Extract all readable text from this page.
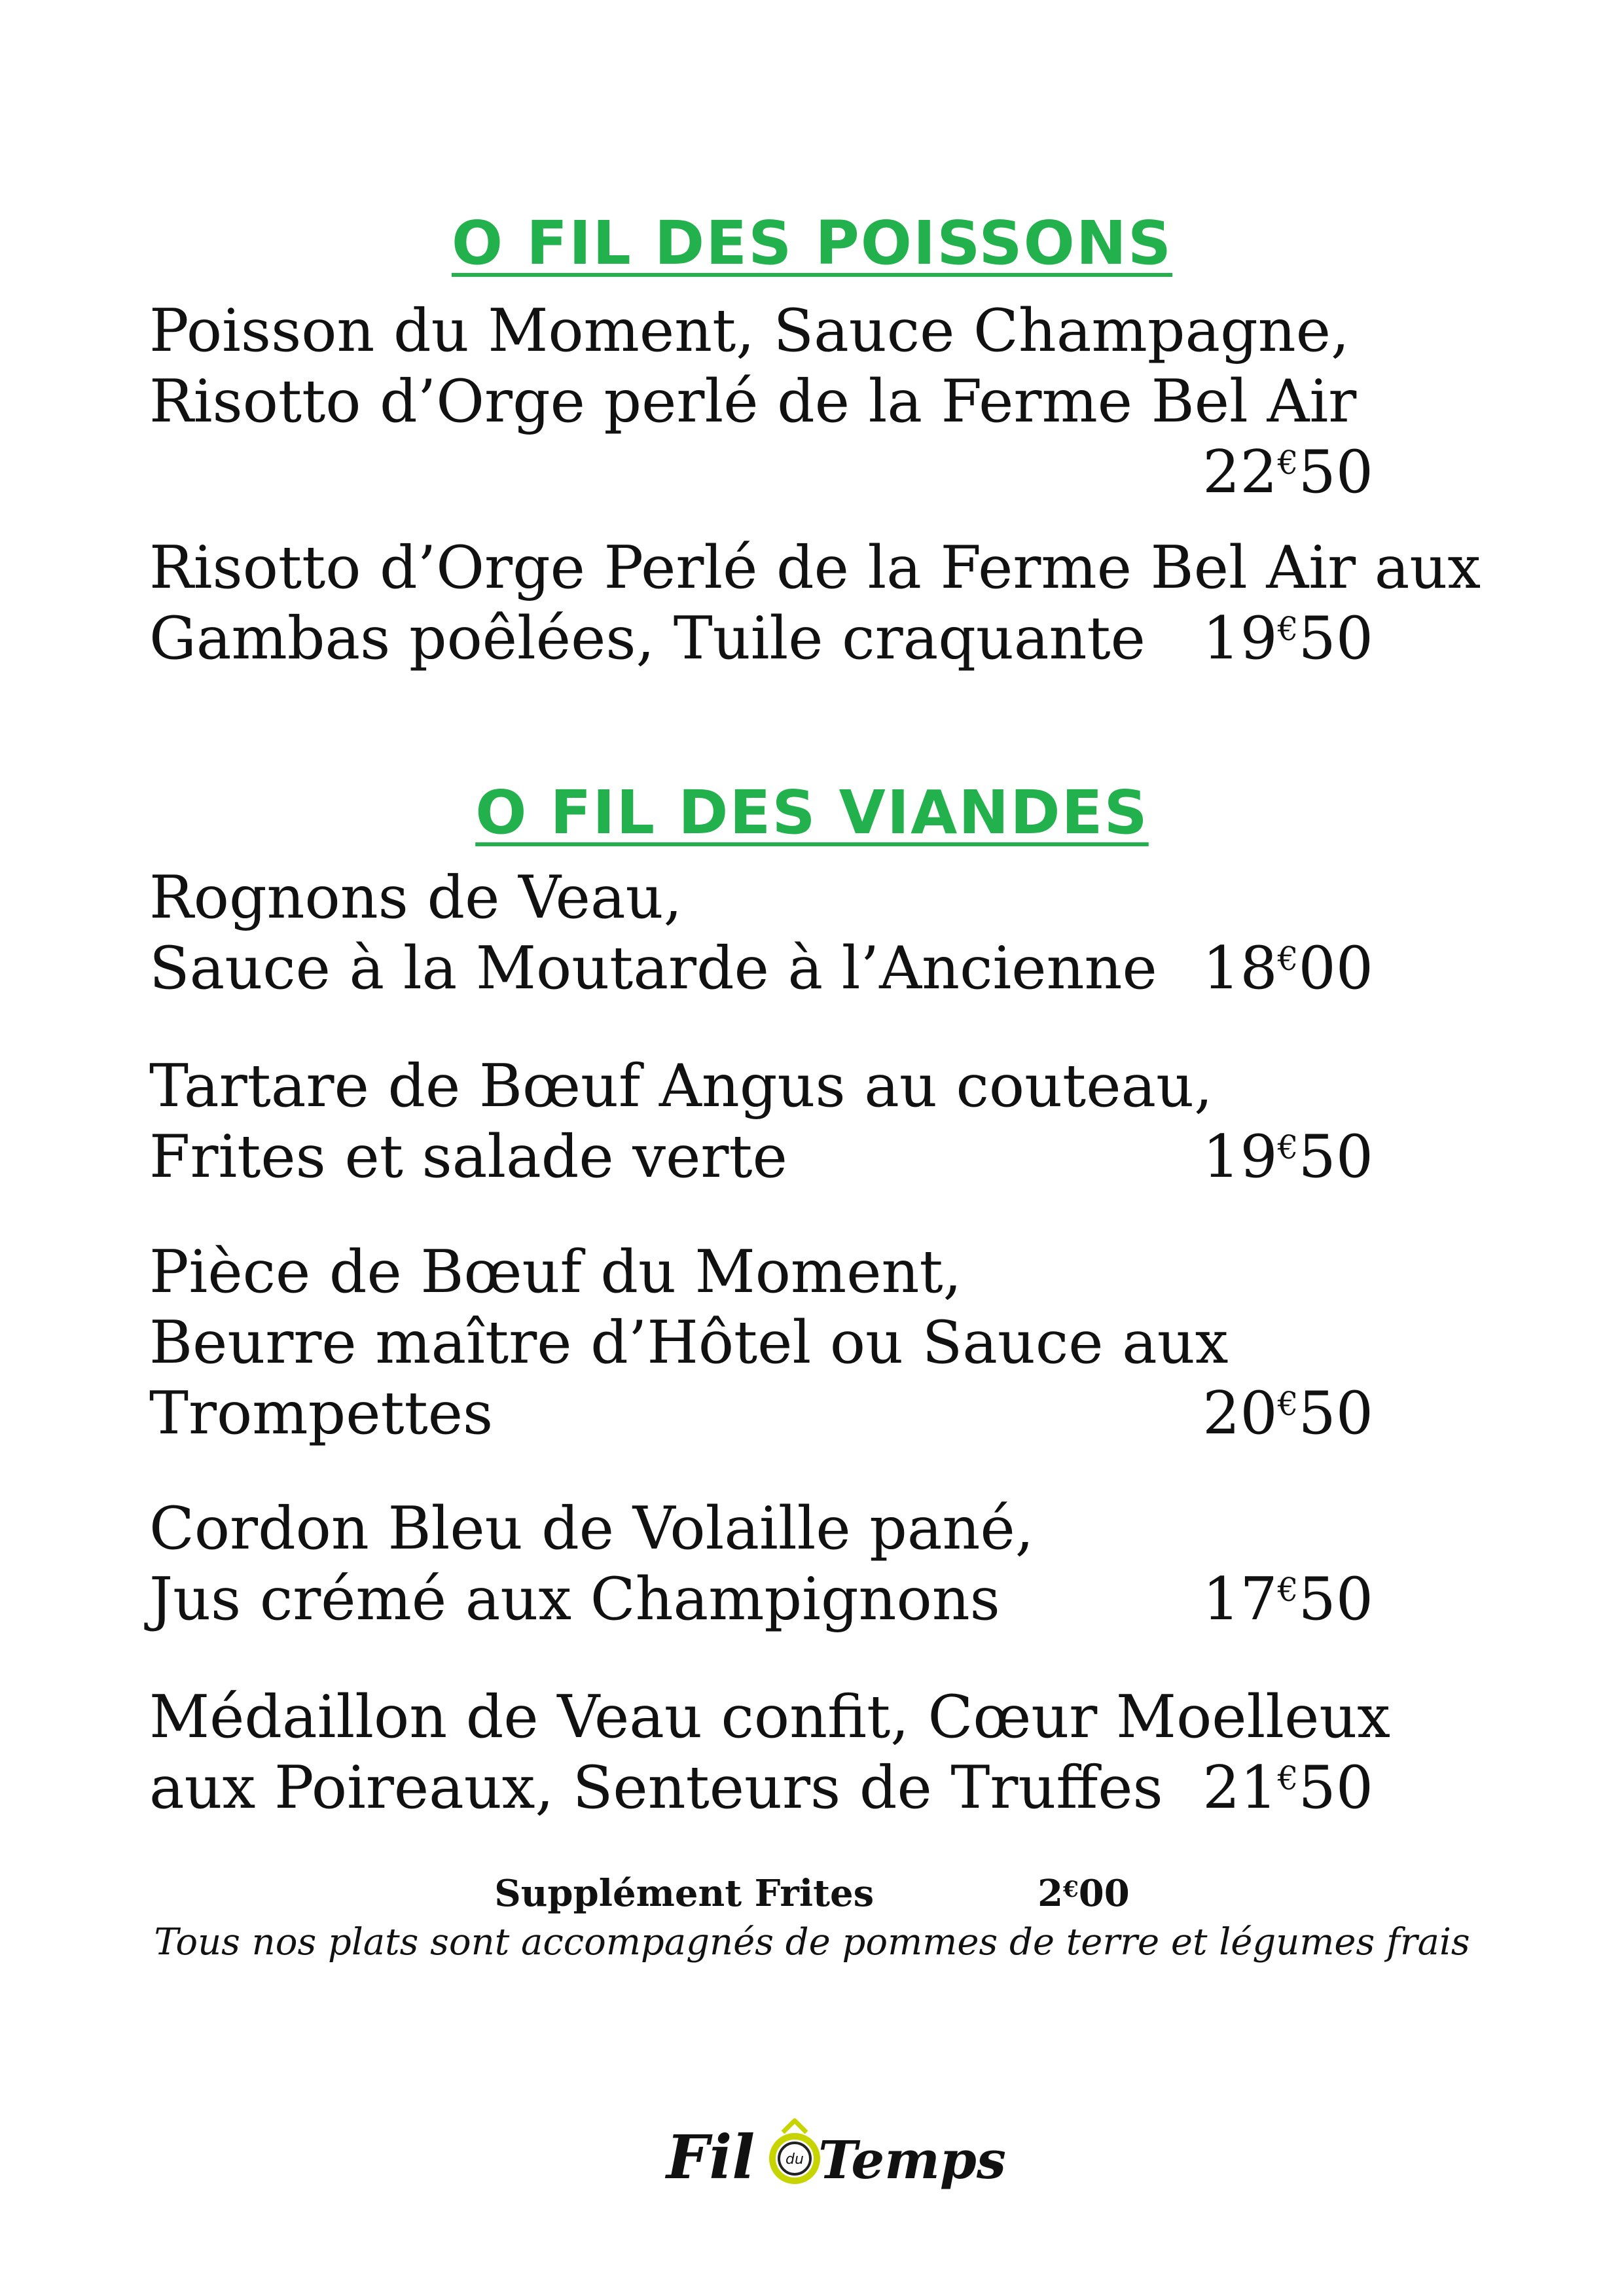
O FIL DES POISSONS
Poisson du Moment, Sauce Champagne,
Risotto d’Orge perlé de la Ferme Bel Air
22€50
Risotto d’Orge Perlé de la Ferme Bel Air aux
Gambas poêlées, Tuile craquante 19€50
O FIL DES VIANDES
Rognons de Veau,
Sauce à la Moutarde à l’Ancienne 18€00
Tartare de Bœuf Angus au couteau,
Frites et salade verte	19€50
Pièce de Bœuf du Moment,
Beurre maître d’Hôtel ou Sauce aux
Trompettes	20€50
Cordon Bleu de Volaille pané,
Jus crémé aux Champignons	17€50
Médaillon de Veau confit, Cœur Moelleux
aux Poireaux, Senteurs de Truffes 21€50
Supplément Frites	2€00
Tous nos plats sont accompagnés de pommes de terre et légumes frais
Fil du Temps
